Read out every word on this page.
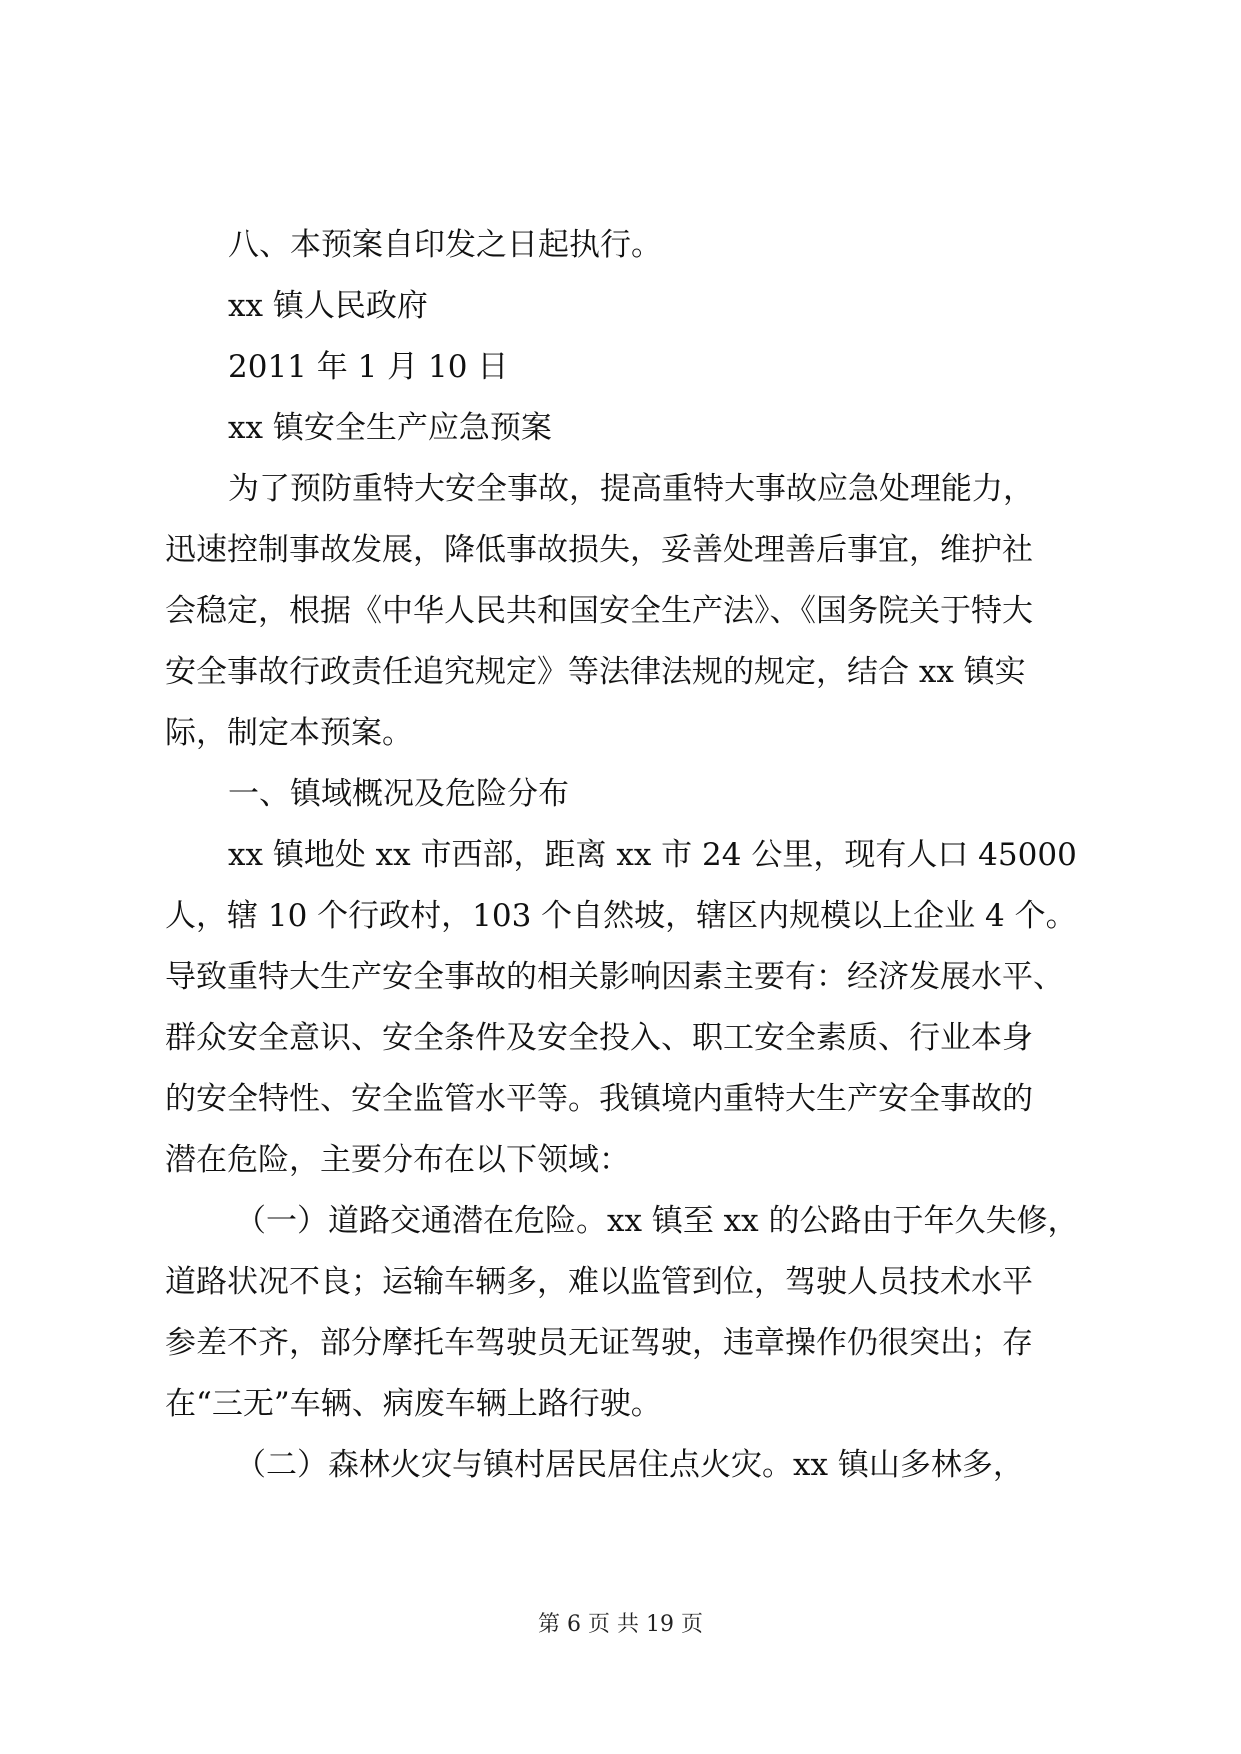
八、本预案自印发之日起执行。
xx 镇人民政府
2011 年 1 月 10 日
xx 镇安全生产应急预案
为了预防重特大安全事故，提高重特大事故应急处理能力，
迅速控制事故发展，降低事故损失，妥善处理善后事宜，维护社
会稳定，根据《中华人民共和国安全生产法》、《国务院关于特大
安全事故行政责任追究规定》等法律法规的规定，结合 xx 镇实
际，制定本预案。
一、镇域概况及危险分布
xx 镇地处 xx 市西部，距离 xx 市 24 公里，现有人口 45000
人，辖 10 个行政村，103 个自然坡，辖区内规模以上企业 4 个。
导致重特大生产安全事故的相关影响因素主要有：经济发展水平、
群众安全意识、安全条件及安全投入、职工安全素质、行业本身
的安全特性、安全监管水平等。我镇境内重特大生产安全事故的
潜在危险，主要分布在以下领域：
（一）道路交通潜在危险。xx 镇至 xx 的公路由于年久失修，
道路状况不良；运输车辆多，难以监管到位，驾驶人员技术水平
参差不齐，部分摩托车驾驶员无证驾驶，违章操作仍很突出；存
在“三无”车辆、病废车辆上路行驶。
（二）森林火灾与镇村居民居住点火灾。xx 镇山多林多，
第 6 页 共 19 页
